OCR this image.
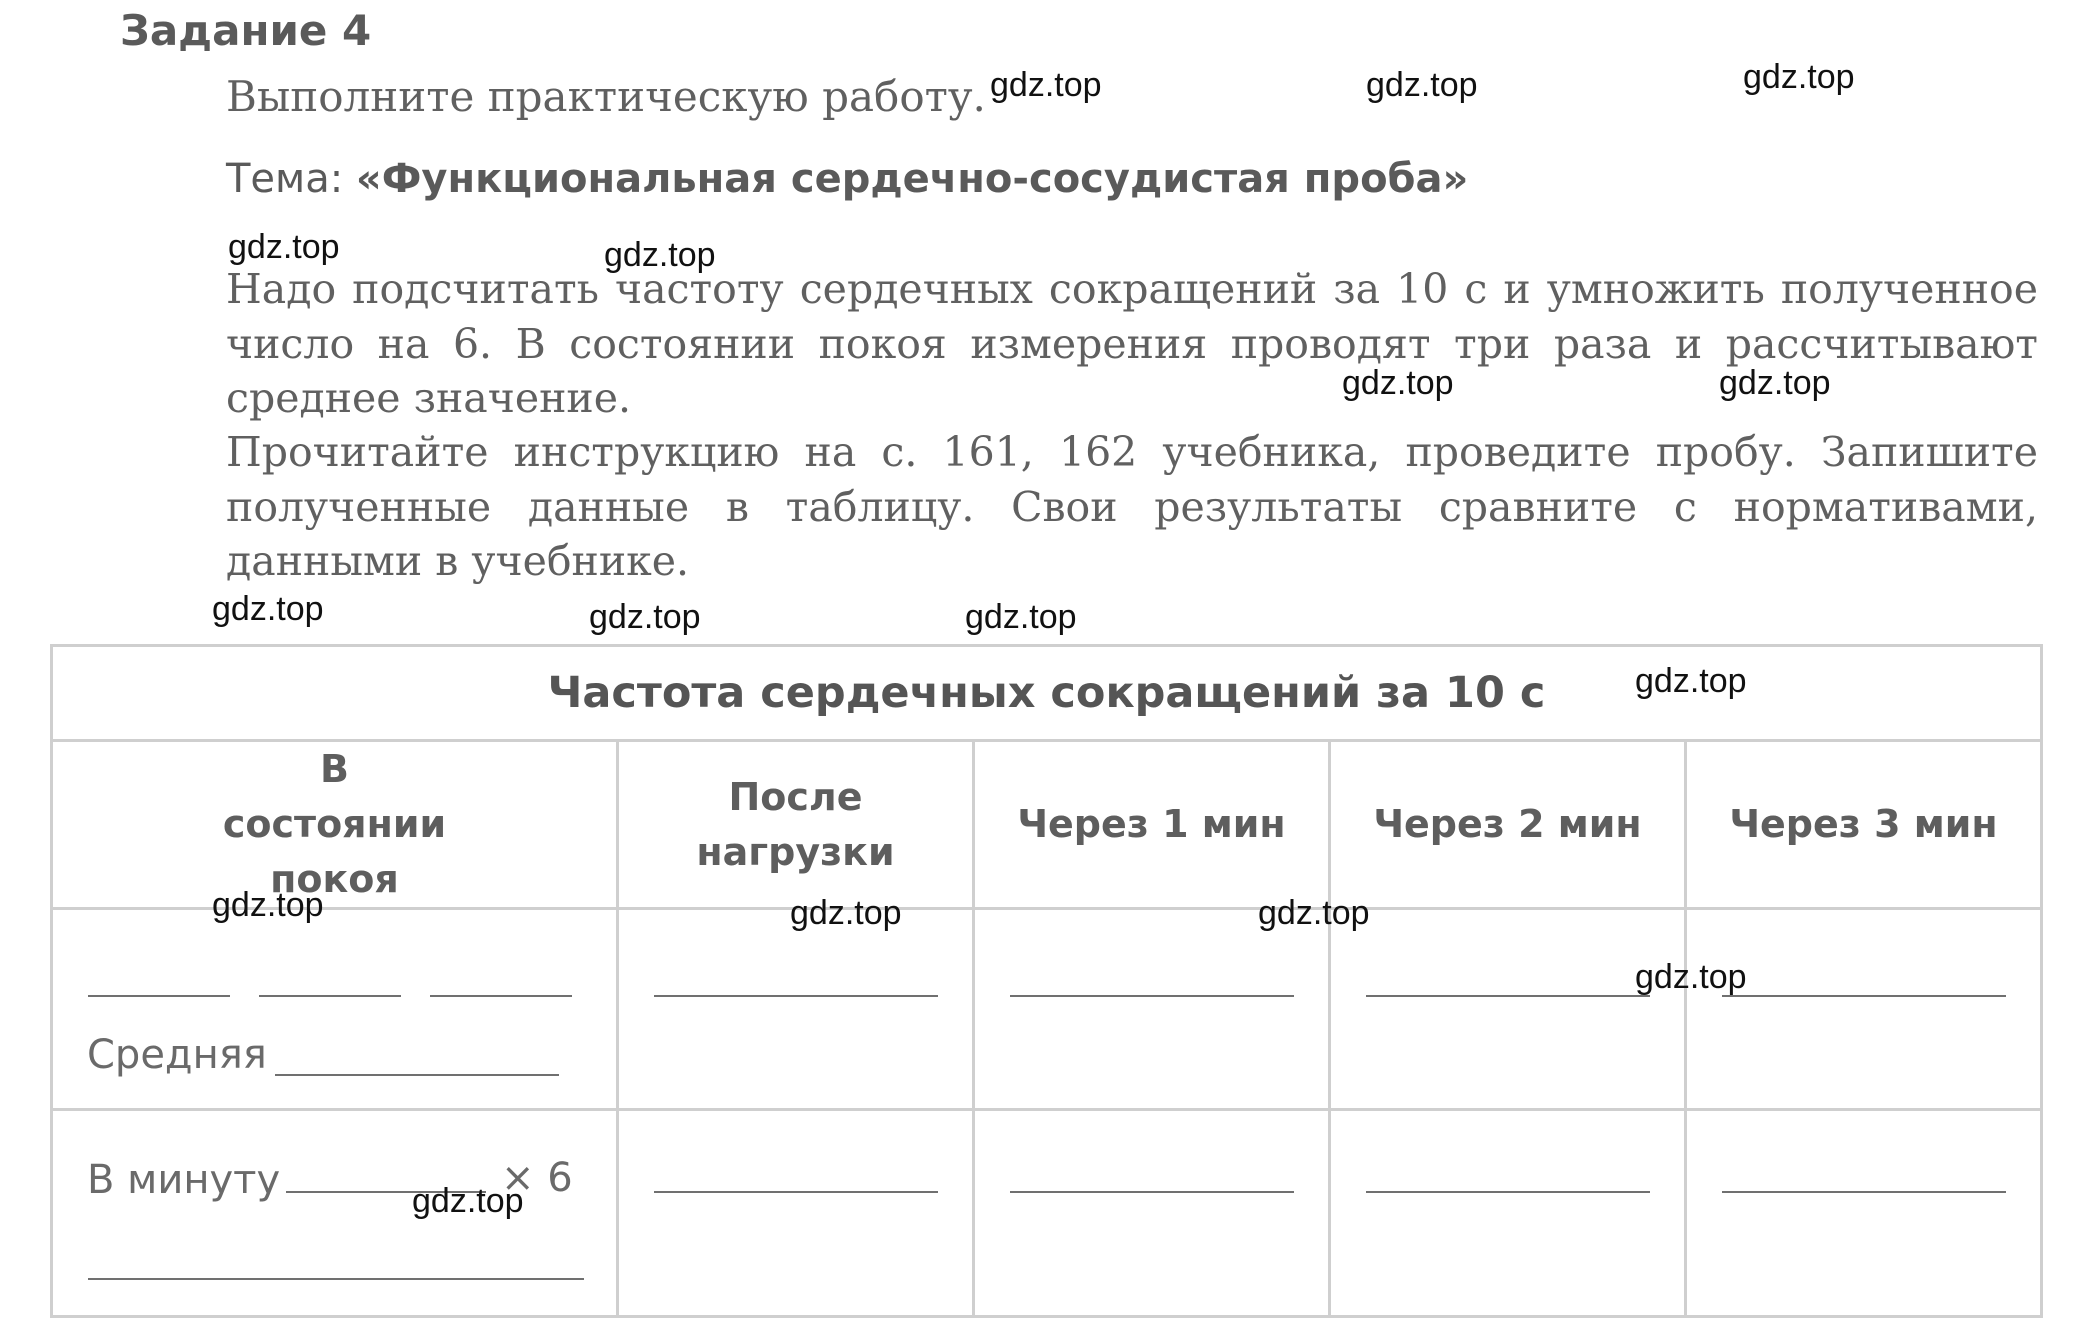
Задание 4
Выполните практическую работу.
Тема: «Функциональная сердечно-сосудистая проба»
Надо подсчитать частоту сердечных сокращений за 10 с и умножить полученное число на 6. В состоянии покоя измерения проводят три раза и рассчитывают среднее значение.
Прочитайте инструкцию на с. 161, 162 учебника, проведите пробу. Запишите полученные данные в таблицу. Свои результаты сравните с нормативами, данными в учебнике.
Частота сердечных сокращений за 10 с				

В состоянии покоя	После нагрузки	Через 1 мин	Через 2 мин	Через 3 мин

Средняя				

В минуту × 6				

gdz.top	gdz.top	gdz.top
gdz.top	gdz.top
gdz.top	gdz.top
gdz.top	gdz.top	gdz.top
gdz.top
gdz.top	gdz.top	gdz.top
gdz.top
gdz.top
